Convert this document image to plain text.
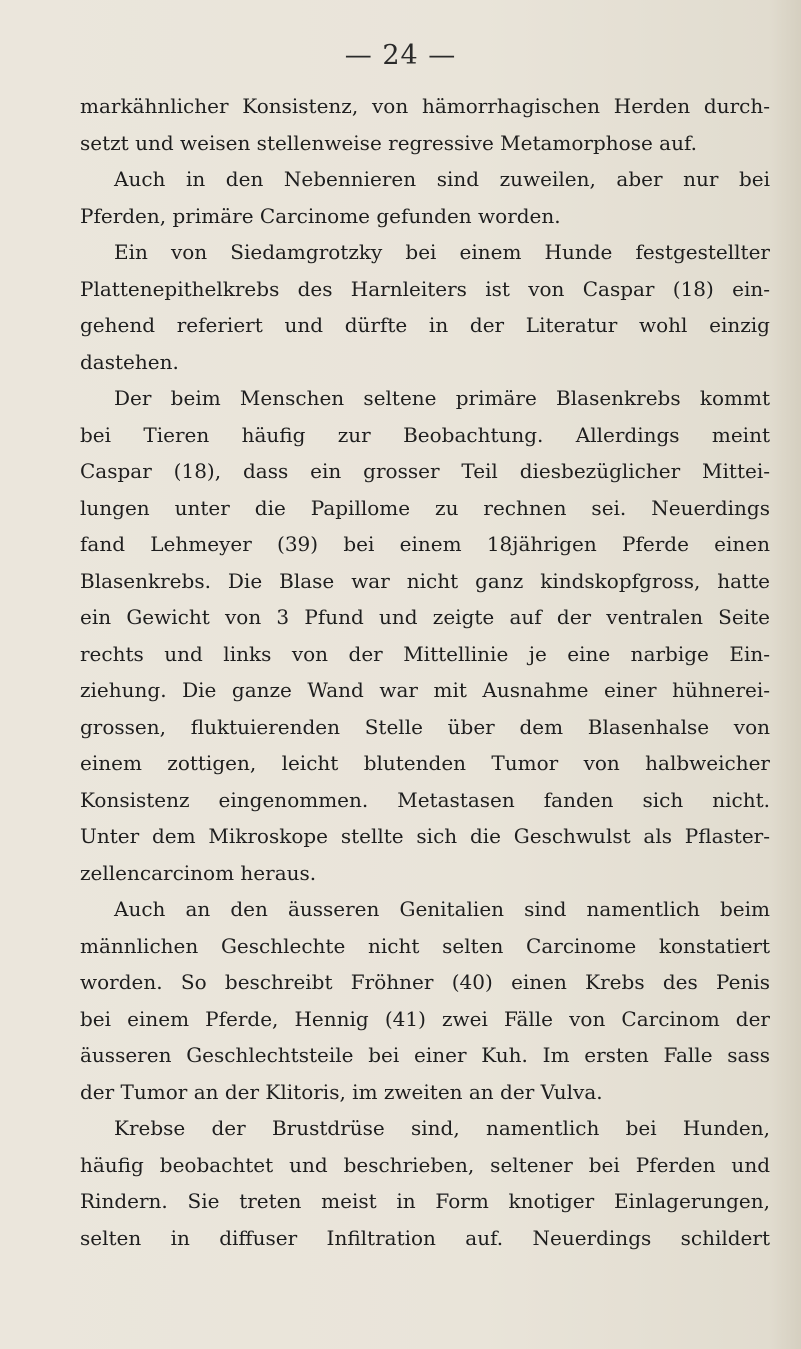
— 24 —
markähnlicher Konsistenz, von hämorrhagischen Herden durch-
setzt und weisen stellenweise regressive Metamorphose auf.
Auch in den Nebennieren sind zuweilen, aber nur bei
Pferden, primäre Carcinome gefunden worden.
Ein von Siedamgrotzky bei einem Hunde festgestellter
Plattenepithelkrebs des Harnleiters ist von Caspar (18) ein-
gehend referiert und dürfte in der Literatur wohl einzig
dastehen.
Der beim Menschen seltene primäre Blasenkrebs kommt
bei Tieren häufig zur Beobachtung. Allerdings meint
Caspar (18), dass ein grosser Teil diesbezüglicher Mittei-
lungen unter die Papillome zu rechnen sei. Neuerdings
fand Lehmeyer (39) bei einem 18jährigen Pferde einen
Blasenkrebs. Die Blase war nicht ganz kindskopfgross, hatte
ein Gewicht von 3 Pfund und zeigte auf der ventralen Seite
rechts und links von der Mittellinie je eine narbige Ein-
ziehung. Die ganze Wand war mit Ausnahme einer hühnerei-
grossen, fluktuierenden Stelle über dem Blasenhalse von
einem zottigen, leicht blutenden Tumor von halbweicher
Konsistenz eingenommen. Metastasen fanden sich nicht.
Unter dem Mikroskope stellte sich die Geschwulst als Pflaster-
zellencarcinom heraus.
Auch an den äusseren Genitalien sind namentlich beim
männlichen Geschlechte nicht selten Carcinome konstatiert
worden. So beschreibt Fröhner (40) einen Krebs des Penis
bei einem Pferde, Hennig (41) zwei Fälle von Carcinom der
äusseren Geschlechtsteile bei einer Kuh. Im ersten Falle sass
der Tumor an der Klitoris, im zweiten an der Vulva.
Krebse der Brustdrüse sind, namentlich bei Hunden,
häufig beobachtet und beschrieben, seltener bei Pferden und
Rindern. Sie treten meist in Form knotiger Einlagerungen,
selten in diffuser Infiltration auf. Neuerdings schildert
